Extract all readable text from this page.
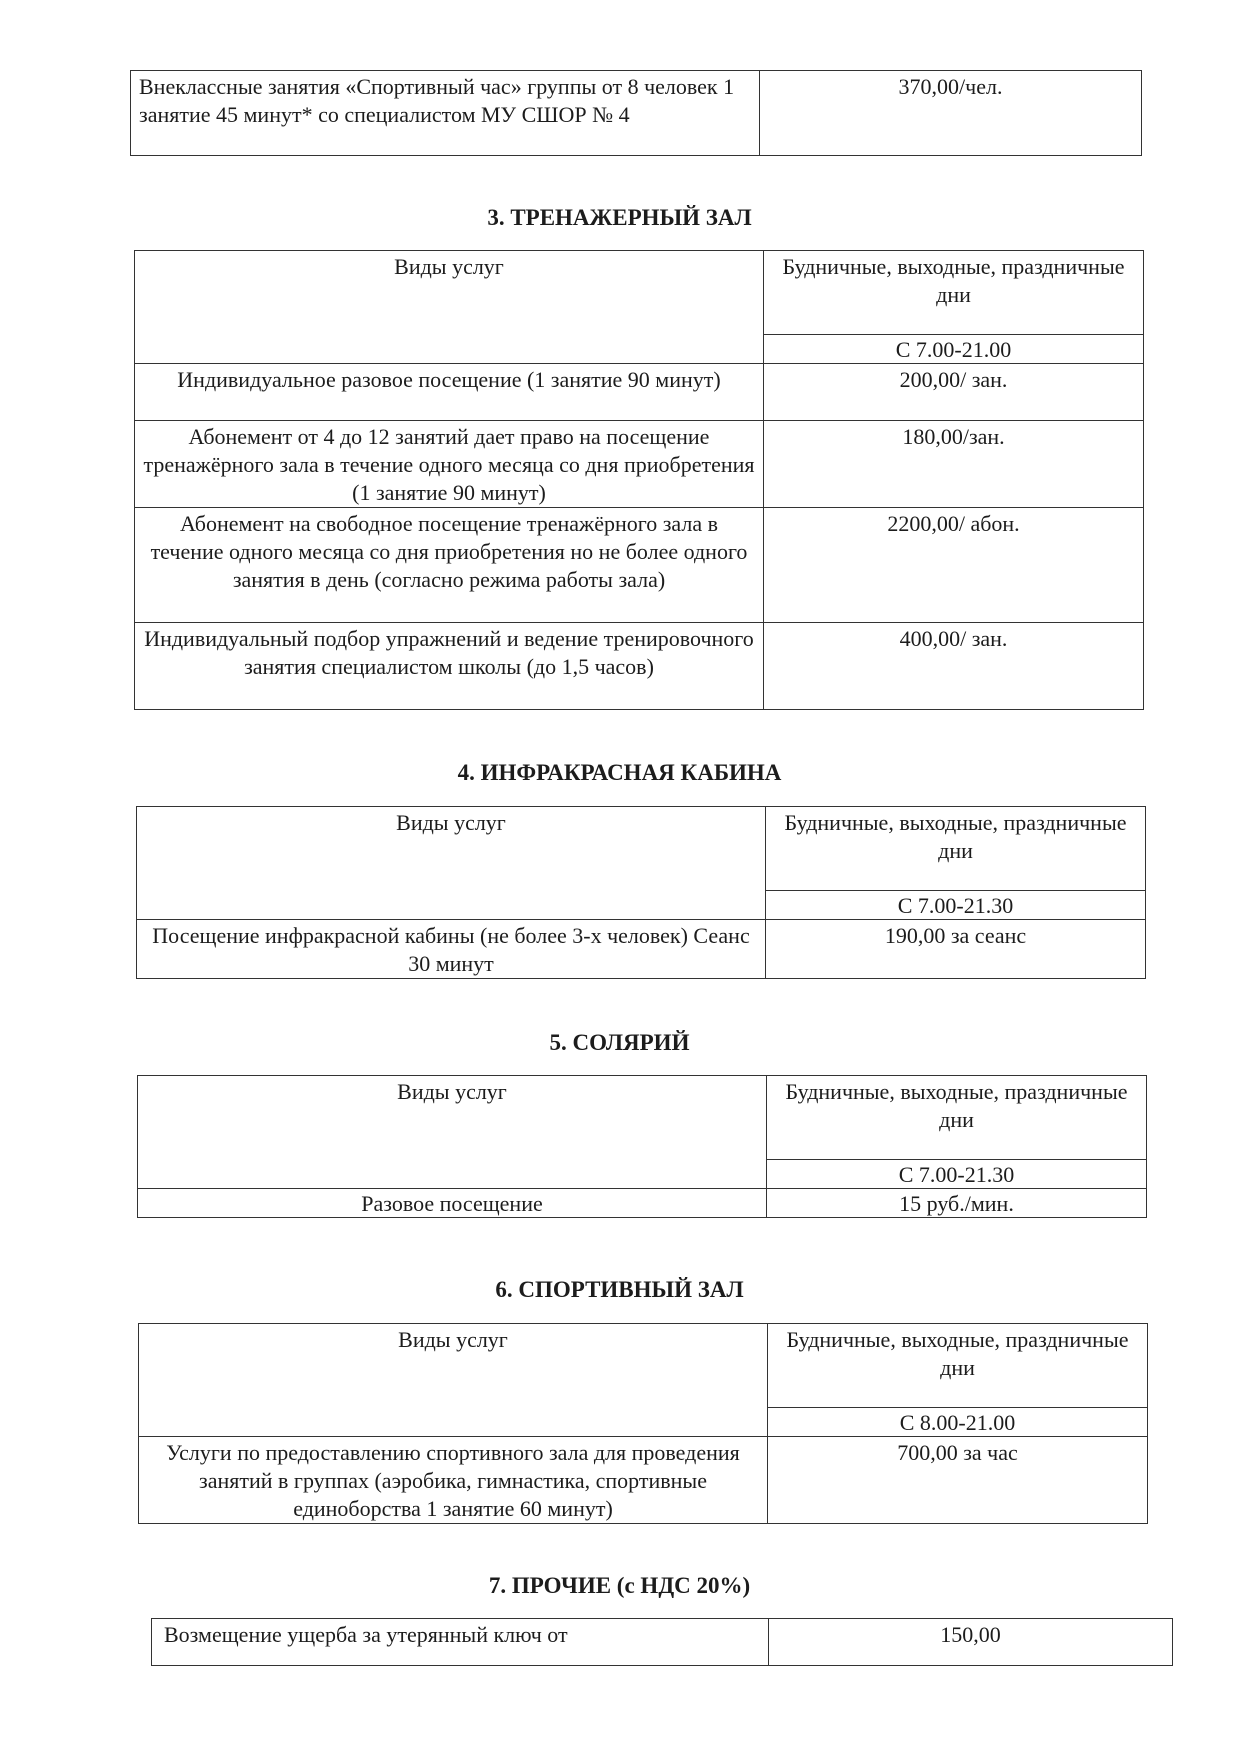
Внеклассные занятия «Спортивный час» группы от 8 человек 1 занятие 45 минут* со специалистом МУ СШОР № 4	370,00/чел.
3. ТРЕНАЖЕРНЫЙ ЗАЛ
Виды услуг	Будничные, выходные, праздничные дни
	С 7.00-21.00
Индивидуальное разовое посещение (1 занятие 90 минут)	200,00/ зан.
Абонемент от 4 до 12 занятий дает право на посещение тренажёрного зала в течение одного месяца со дня приобретения (1 занятие 90 минут)	180,00/зан.
Абонемент на свободное посещение тренажёрного зала в течение одного месяца со дня приобретения но не более одного занятия в день (согласно режима работы зала)	2200,00/ абон.
Индивидуальный подбор упражнений и ведение тренировочного занятия специалистом школы (до 1,5 часов)	400,00/ зан.
4. ИНФРАКРАСНАЯ КАБИНА
Виды услуг	Будничные, выходные, праздничные дни
	С 7.00-21.30
Посещение инфракрасной кабины (не более 3-х человек) Сеанс 30 минут	190,00 за сеанс
5. СОЛЯРИЙ
Виды услуг	Будничные, выходные, праздничные дни
	С 7.00-21.30
Разовое посещение	15 руб./мин.
6. СПОРТИВНЫЙ ЗАЛ
Виды услуг	Будничные, выходные, праздничные дни
	С 8.00-21.00
Услуги по предоставлению спортивного зала для проведения занятий в группах (аэробика, гимнастика, спортивные единоборства 1 занятие 60 минут)	700,00 за час
7. ПРОЧИЕ (с НДС 20%)
Возмещение ущерба за утерянный ключ от	150,00
